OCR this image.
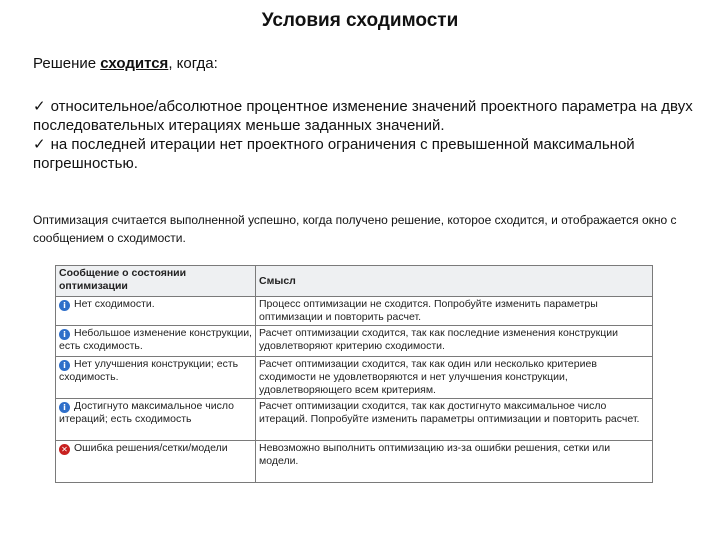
Условия сходимости
Решение сходится, когда:

✓ относительное/абсолютное процентное изменение значений проектного параметра на двух последовательных итерациях меньше заданных значений.

✓ на последней итерации нет проектного ограничения с превышенной максимальной погрешностью.

Оптимизация считается выполненной успешно, когда получено решение, которое сходится, и отображается окно с сообщением о сходимости.
Сообщение о состоянии оптимизации	Смысл
i Нет сходимости.	Процесс оптимизации не сходится. Попробуйте изменить параметры оптимизации и повторить расчет.
i Небольшое изменение конструкции, есть сходимость.	Расчет оптимизации сходится, так как последние изменения конструкции удовлетворяют критерию сходимости.
i Нет улучшения конструкции; есть сходимость.	Расчет оптимизации сходится, так как один или несколько критериев сходимости не удовлетворяются и нет улучшения конструкции, удовлетворяющего всем критериям.
i Достигнуто максимальное число итераций; есть сходимость	Расчет оптимизации сходится, так как достигнуто максимальное число итераций. Попробуйте изменить параметры оптимизации и повторить расчет.
✕ Ошибка решения/сетки/модели	Невозможно выполнить оптимизацию из-за ошибки решения, сетки или модели.
